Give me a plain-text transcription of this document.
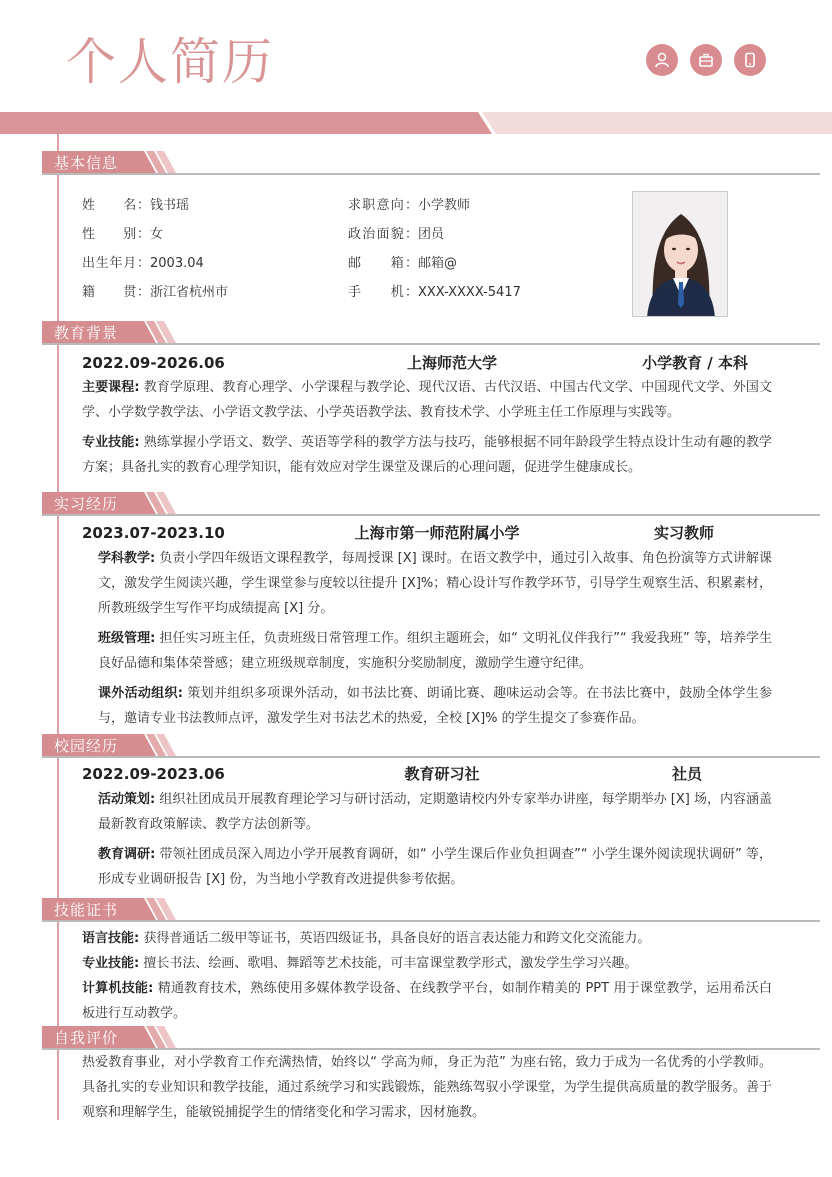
个人简历
基本信息
姓　　名：钱书瑶
性　　别：女
出生年月：2003.04
籍　　贯：浙江省杭州市
求职意向：小学教师
政治面貌：团员
邮　　箱：邮箱@
手　　机：XXX-XXXX-5417
教育背景
2022.09-2026.06	上海师范大学	小学教育 / 本科

主要课程: 教育学原理、教育心理学、小学课程与教学论、现代汉语、古代汉语、中国古代文学、中国现代文学、外国文学、小学数学教学法、小学语文教学法、小学英语教学法、教育技术学、小学班主任工作原理与实践等。

专业技能: 熟练掌握小学语文、数学、英语等学科的教学方法与技巧，能够根据不同年龄段学生特点设计生动有趣的教学方案；具备扎实的教育心理学知识，能有效应对学生课堂及课后的心理问题，促进学生健康成长。

实习经历
2023.07-2023.10	上海市第一师范附属小学	实习教师

学科教学: 负责小学四年级语文课程教学，每周授课 [X] 课时。在语文教学中，通过引入故事、角色扮演等方式讲解课文，激发学生阅读兴趣，学生课堂参与度较以往提升 [X]%；精心设计写作教学环节，引导学生观察生活、积累素材，所教班级学生写作平均成绩提高 [X] 分。

班级管理: 担任实习班主任，负责班级日常管理工作。组织主题班会，如“ 文明礼仪伴我行”“ 我爱我班” 等，培养学生良好品德和集体荣誉感；建立班级规章制度，实施积分奖励制度，激励学生遵守纪律。

课外活动组织: 策划并组织多项课外活动，如书法比赛、朗诵比赛、趣味运动会等。在书法比赛中，鼓励全体学生参与，邀请专业书法教师点评，激发学生对书法艺术的热爱，全校 [X]% 的学生提交了参赛作品。

校园经历
2022.09-2023.06	教育研习社	社员

活动策划: 组织社团成员开展教育理论学习与研讨活动，定期邀请校内外专家举办讲座，每学期举办 [X] 场，内容涵盖最新教育政策解读、教学方法创新等。

教育调研: 带领社团成员深入周边小学开展教育调研，如“ 小学生课后作业负担调查”“ 小学生课外阅读现状调研” 等，形成专业调研报告 [X] 份，为当地小学教育改进提供参考依据。

技能证书

语言技能: 获得普通话二级甲等证书，英语四级证书，具备良好的语言表达能力和跨文化交流能力。

专业技能: 擅长书法、绘画、歌唱、舞蹈等艺术技能，可丰富课堂教学形式，激发学生学习兴趣。

计算机技能: 精通教育技术，熟练使用多媒体教学设备、在线教学平台，如制作精美的 PPT 用于课堂教学，运用希沃白板进行互动教学。

自我评价

热爱教育事业，对小学教育工作充满热情，始终以“ 学高为师，身正为范” 为座右铭，致力于成为一名优秀的小学教师。具备扎实的专业知识和教学技能，通过系统学习和实践锻炼，能熟练驾驭小学课堂，为学生提供高质量的教学服务。善于观察和理解学生，能敏锐捕捉学生的情绪变化和学习需求，因材施教。
